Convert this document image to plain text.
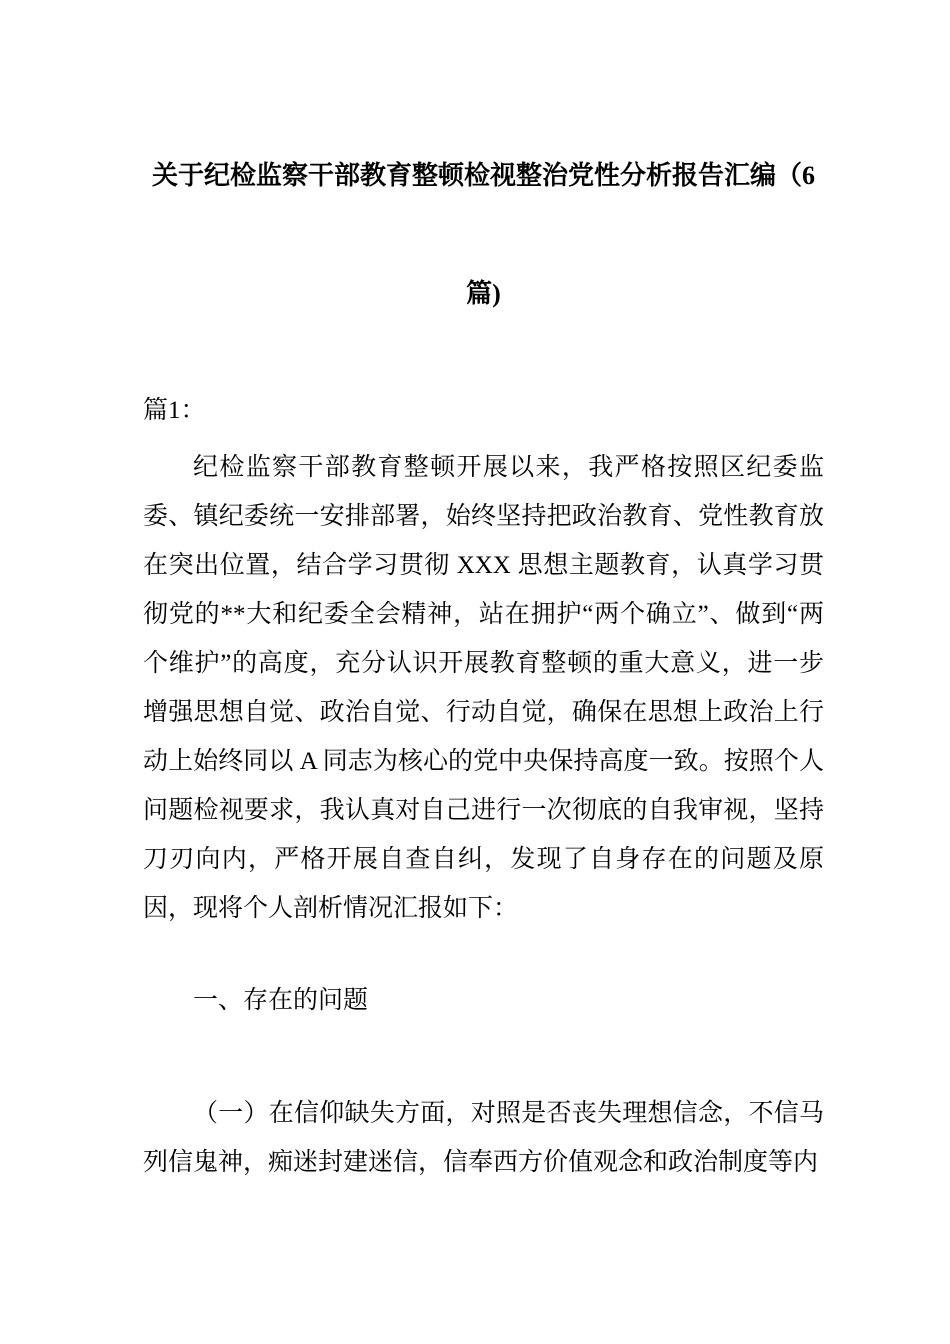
关于纪检监察干部教育整顿检视整治党性分析报告汇编（6
篇)

篇1：

纪检监察干部教育整顿开展以来，我严格按照区纪委监委、镇纪委统一安排部署，始终坚持把政治教育、党性教育放在突出位置，结合学习贯彻 XXX 思想主题教育，认真学习贯彻党的**大和纪委全会精神，站在拥护“两个确立”、做到“两个维护”的高度，充分认识开展教育整顿的重大意义，进一步增强思想自觉、政治自觉、行动自觉，确保在思想上政治上行动上始终同以 A 同志为核心的党中央保持高度一致。按照个人问题检视要求，我认真对自己进行一次彻底的自我审视，坚持刀刃向内，严格开展自查自纠，发现了自身存在的问题及原因，现将个人剖析情况汇报如下：

一、存在的问题

（一）在信仰缺失方面，对照是否丧失理想信念，不信马列信鬼神，痴迷封建迷信，信奉西方价值观念和政治制度等内
